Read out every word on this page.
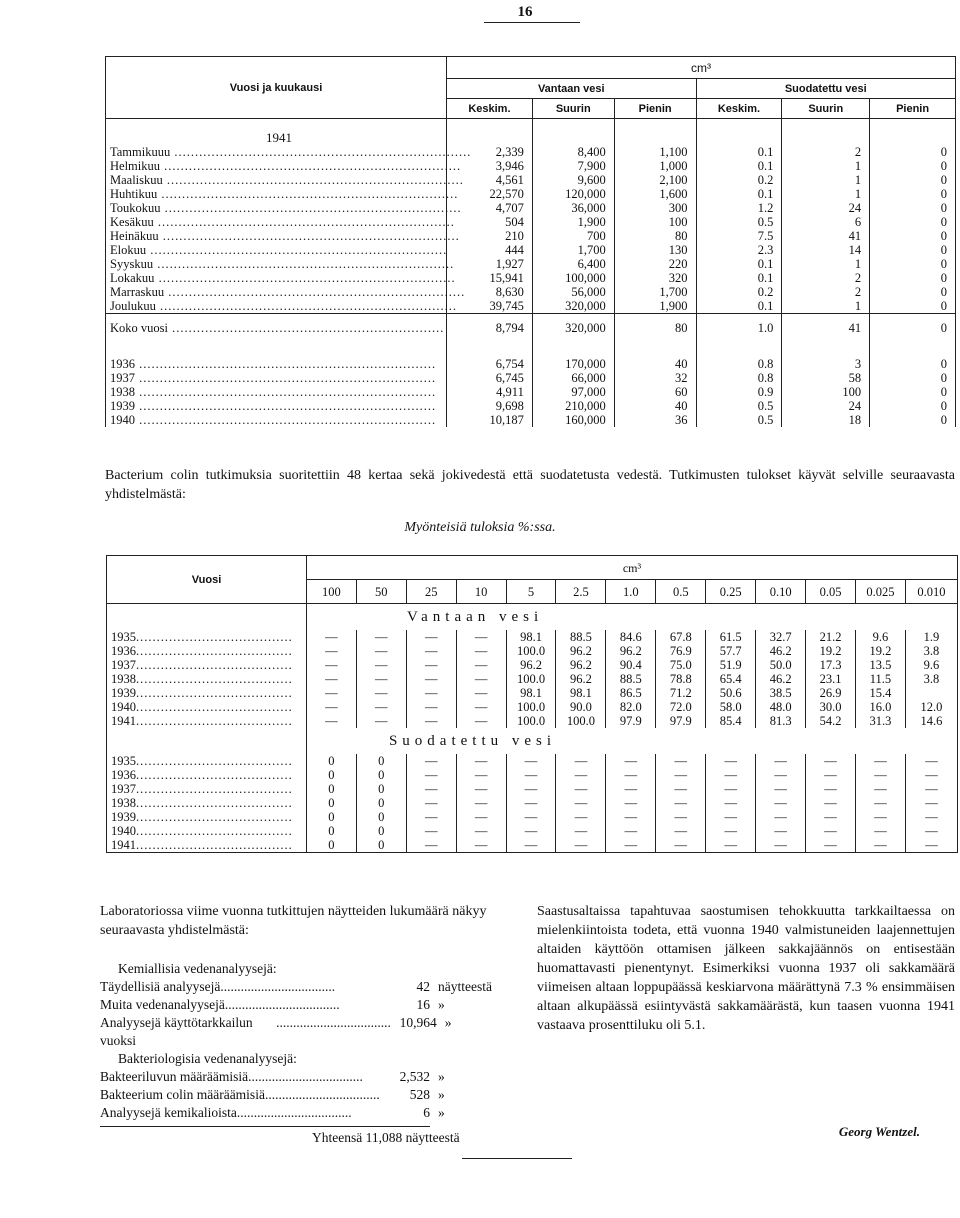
16
Vuosi ja kuukausi	cm³					
	Vantaan vesi			Suodatettu vesi		
	Keskim.	Suurin	Pienin	Keskim.	Suurin	Pienin
1941						
Tammikuuu ........................................................................	2,339	8,400	1,100	0.1	2	0
Helmikuu ........................................................................	3,946	7,900	1,000	0.1	1	0
Maaliskuu ........................................................................	4,561	9,600	2,100	0.2	1	0
Huhtikuu ........................................................................	22,570	120,000	1,600	0.1	1	0
Toukokuu ........................................................................	4,707	36,000	300	1.2	24	0
Kesäkuu ........................................................................	504	1,900	100	0.5	6	0
Heinäkuu ........................................................................	210	700	80	7.5	41	0
Elokuu ........................................................................	444	1,700	130	2.3	14	0
Syyskuu ........................................................................	1,927	6,400	220	0.1	1	0
Lokakuu ........................................................................	15,941	100,000	320	0.1	2	0
Marraskuu ........................................................................	8,630	56,000	1,700	0.2	2	0
Joulukuu ........................................................................	39,745	320,000	1,900	0.1	1	0

Koko vuosi ..................................................................	8,794	320,000	80	1.0	41	0

1936 ........................................................................	6,754	170,000	40	0.8	3	0
1937 ........................................................................	6,745	66,000	32	0.8	58	0
1938 ........................................................................	4,911	97,000	60	0.9	100	0
1939 ........................................................................	9,698	210,000	40	0.5	24	0
1940 ........................................................................	10,187	160,000	36	0.5	18	0
Bacterium colin tutkimuksia suoritettiin 48 kertaa sekä jokivedestä että suodatetusta vedestä. Tutkimusten tulokset käyvät selville seuraavasta yhdistelmästä:
Myönteisiä tuloksia %:ssa.
Vuosi	cm³												
	100	50	25	10	5	2.5	1.0	0.5	0.25	0.10	0.05	0.025	0.010
	Vantaan vesi												
1935......................................	—	—	—	—	98.1	88.5	84.6	67.8	61.5	32.7	21.2	9.6	1.9
1936......................................	—	—	—	—	100.0	96.2	96.2	76.9	57.7	46.2	19.2	19.2	3.8
1937......................................	—	—	—	—	96.2	96.2	90.4	75.0	51.9	50.0	17.3	13.5	9.6
1938......................................	—	—	—	—	100.0	96.2	88.5	78.8	65.4	46.2	23.1	11.5	3.8
1939......................................	—	—	—	—	98.1	98.1	86.5	71.2	50.6	38.5	26.9	15.4	
1940......................................	—	—	—	—	100.0	90.0	82.0	72.0	58.0	48.0	30.0	16.0	12.0
1941......................................	—	—	—	—	100.0	100.0	97.9	97.9	85.4	81.3	54.2	31.3	14.6
	Suodatettu vesi												
1935......................................	0	0	—	—	—	—	—	—	—	—	—	—	—
1936......................................	0	0	—	—	—	—	—	—	—	—	—	—	—
1937......................................	0	0	—	—	—	—	—	—	—	—	—	—	—
1938......................................	0	0	—	—	—	—	—	—	—	—	—	—	—
1939......................................	0	0	—	—	—	—	—	—	—	—	—	—	—
1940......................................	0	0	—	—	—	—	—	—	—	—	—	—	—
1941......................................	0	0	—	—	—	—	—	—	—	—	—	—	—
Laboratoriossa viime vuonna tutkittujen näytteiden lukumäärä näkyy seuraavasta yhdistelmästä:
Kemiallisia vedenanalyysejä:
Täydellisiä analyysejä ..................................	42 näytteestä
Muita vedenanalyysejä ..................................	16 »
Analyysejä käyttötarkkailun vuoksi
.................................. 10,964 »
Bakteriologisia vedenanalyysejä:
Bakteeriluvun määräämisiä ..................................	2,532 »
Bakteerium colin määräämisiä ..................................	528 »
Analyysejä kemikalioista ..................................	6 »
Yhteensä 11,088 näytteestä
Saastusaltaissa tapahtuvaa saostumisen tehokkuutta tarkkailtaessa on mielenkiintoista todeta, että vuonna 1940 valmistuneiden laajennettujen altaiden käyttöön ottamisen jälkeen sakkajäännös on entisestään huomattavasti pienentynyt. Esimerkiksi vuonna 1937 oli sakkamäärä viimeisen altaan loppupäässä keskiarvona määrättynä 7.3 % ensimmäisen altaan alkupäässä esiintyvästä sakkamäärästä, kun taasen vuonna 1941 vastaava prosenttiluku oli 5.1.
Georg Wentzel.
